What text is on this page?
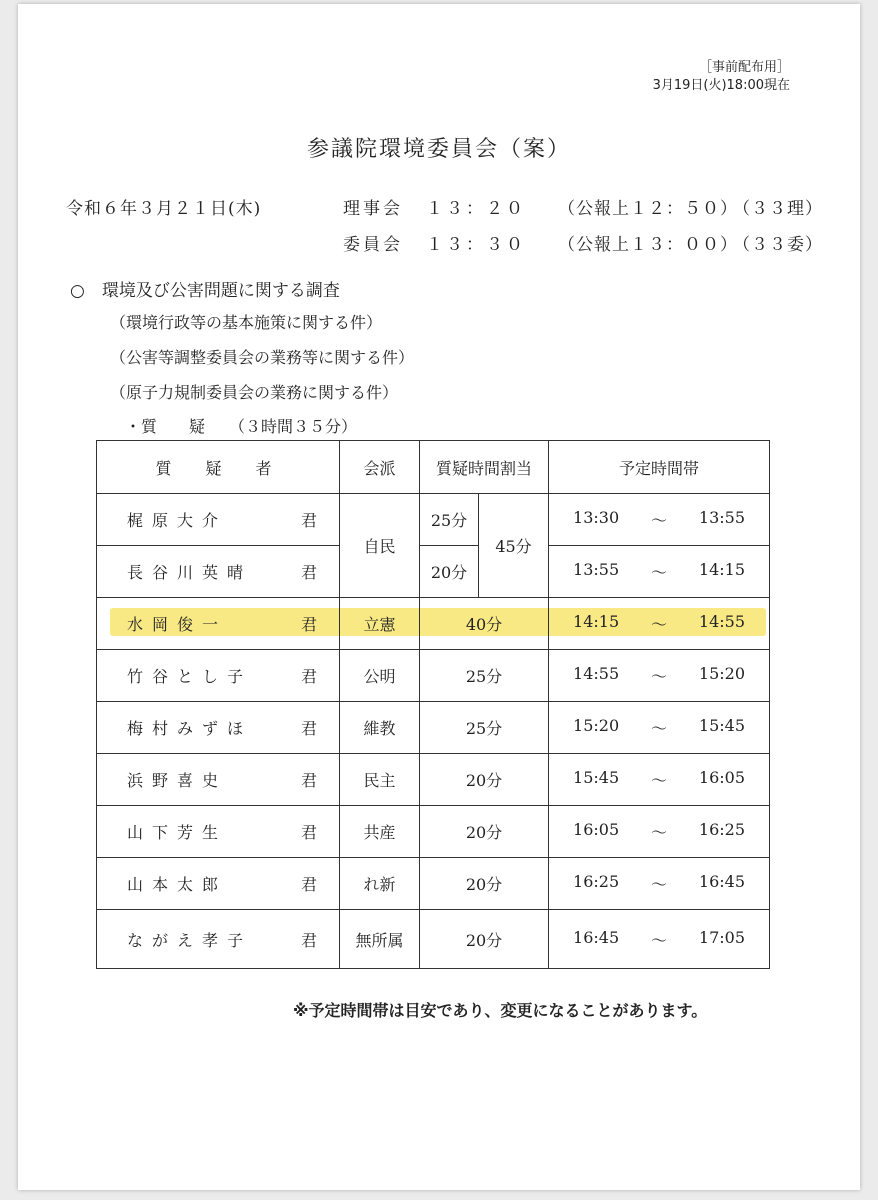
［事前配布用］
3月19日(火)18:00現在
参議院環境委員会（案）
令和６年３月２１日(木)	理事会 １３：２０ （公報上１２：５０）
（３３理）
委員会 １３：３０ （公報上１３：００）
（３３委）
○　環境及び公害問題に関する調査
（環境行政等の基本施策に関する件）
（公害等調整委員会の業務等に関する件）
（原子力規制委員会の業務に関する件）
・質　　疑　　（３時間３５分）
質　疑　者	会派	質疑時間割当		予定時間帯

梶原大介 君	自民	25分	45分	13:30 〜 13:55

長谷川英晴 君		20分		13:55 〜 14:15

水岡俊一 君	立憲	40分		14:15 〜 14:55

竹谷とし子 君	公明	25分		14:55 〜 15:20

梅村みずほ 君	維教	25分		15:20 〜 15:45

浜野喜史 君	民主	20分		15:45 〜 16:05

山下芳生 君	共産	20分		16:05 〜 16:25

山本太郎 君	れ新	20分		16:25 〜 16:45

ながえ孝子 君	無所属	20分		16:45 〜 17:05
※予定時間帯は目安であり、変更になることがあります。
